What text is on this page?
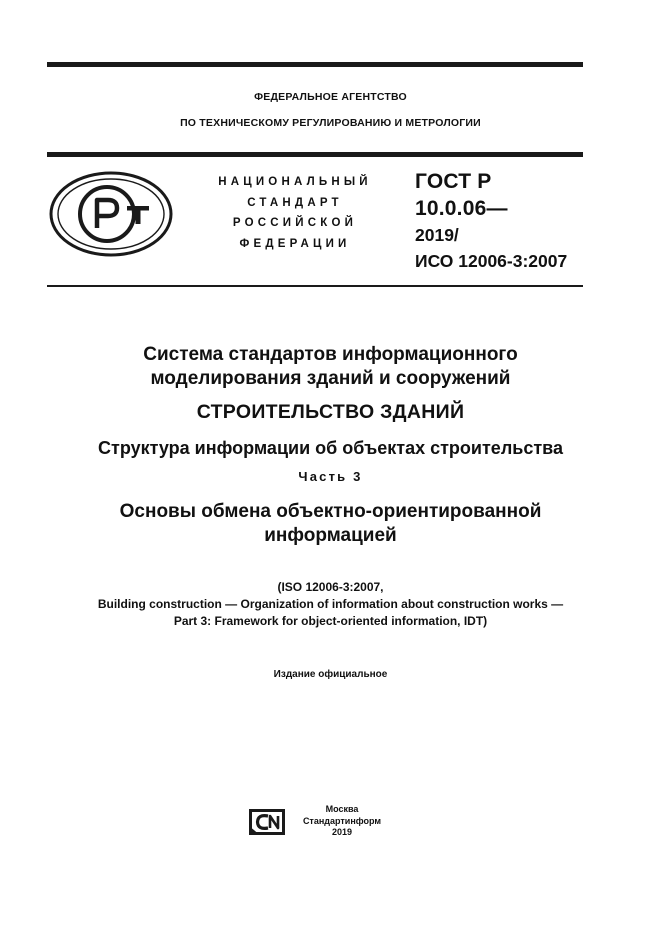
ФЕДЕРАЛЬНОЕ АГЕНТСТВО
ПО ТЕХНИЧЕСКОМУ РЕГУЛИРОВАНИЮ И МЕТРОЛОГИИ
НАЦИОНАЛЬНЫЙ
СТАНДАРТ
РОССИЙСКОЙ
ФЕДЕРАЦИИ
ГОСТ Р
10.0.06—
2019/
ИСО 12006-3:2007
Система стандартов информационного
моделирования зданий и сооружений
СТРОИТЕЛЬСТВО ЗДАНИЙ
Структура информации об объектах строительства
Часть 3
Основы обмена объектно-ориентированной
информацией
(ISO 12006-3:2007,
Building construction — Organization of information about construction works —
Part 3: Framework for object-oriented information, IDT)
Издание официальное
Москва
Стандартинформ
2019
